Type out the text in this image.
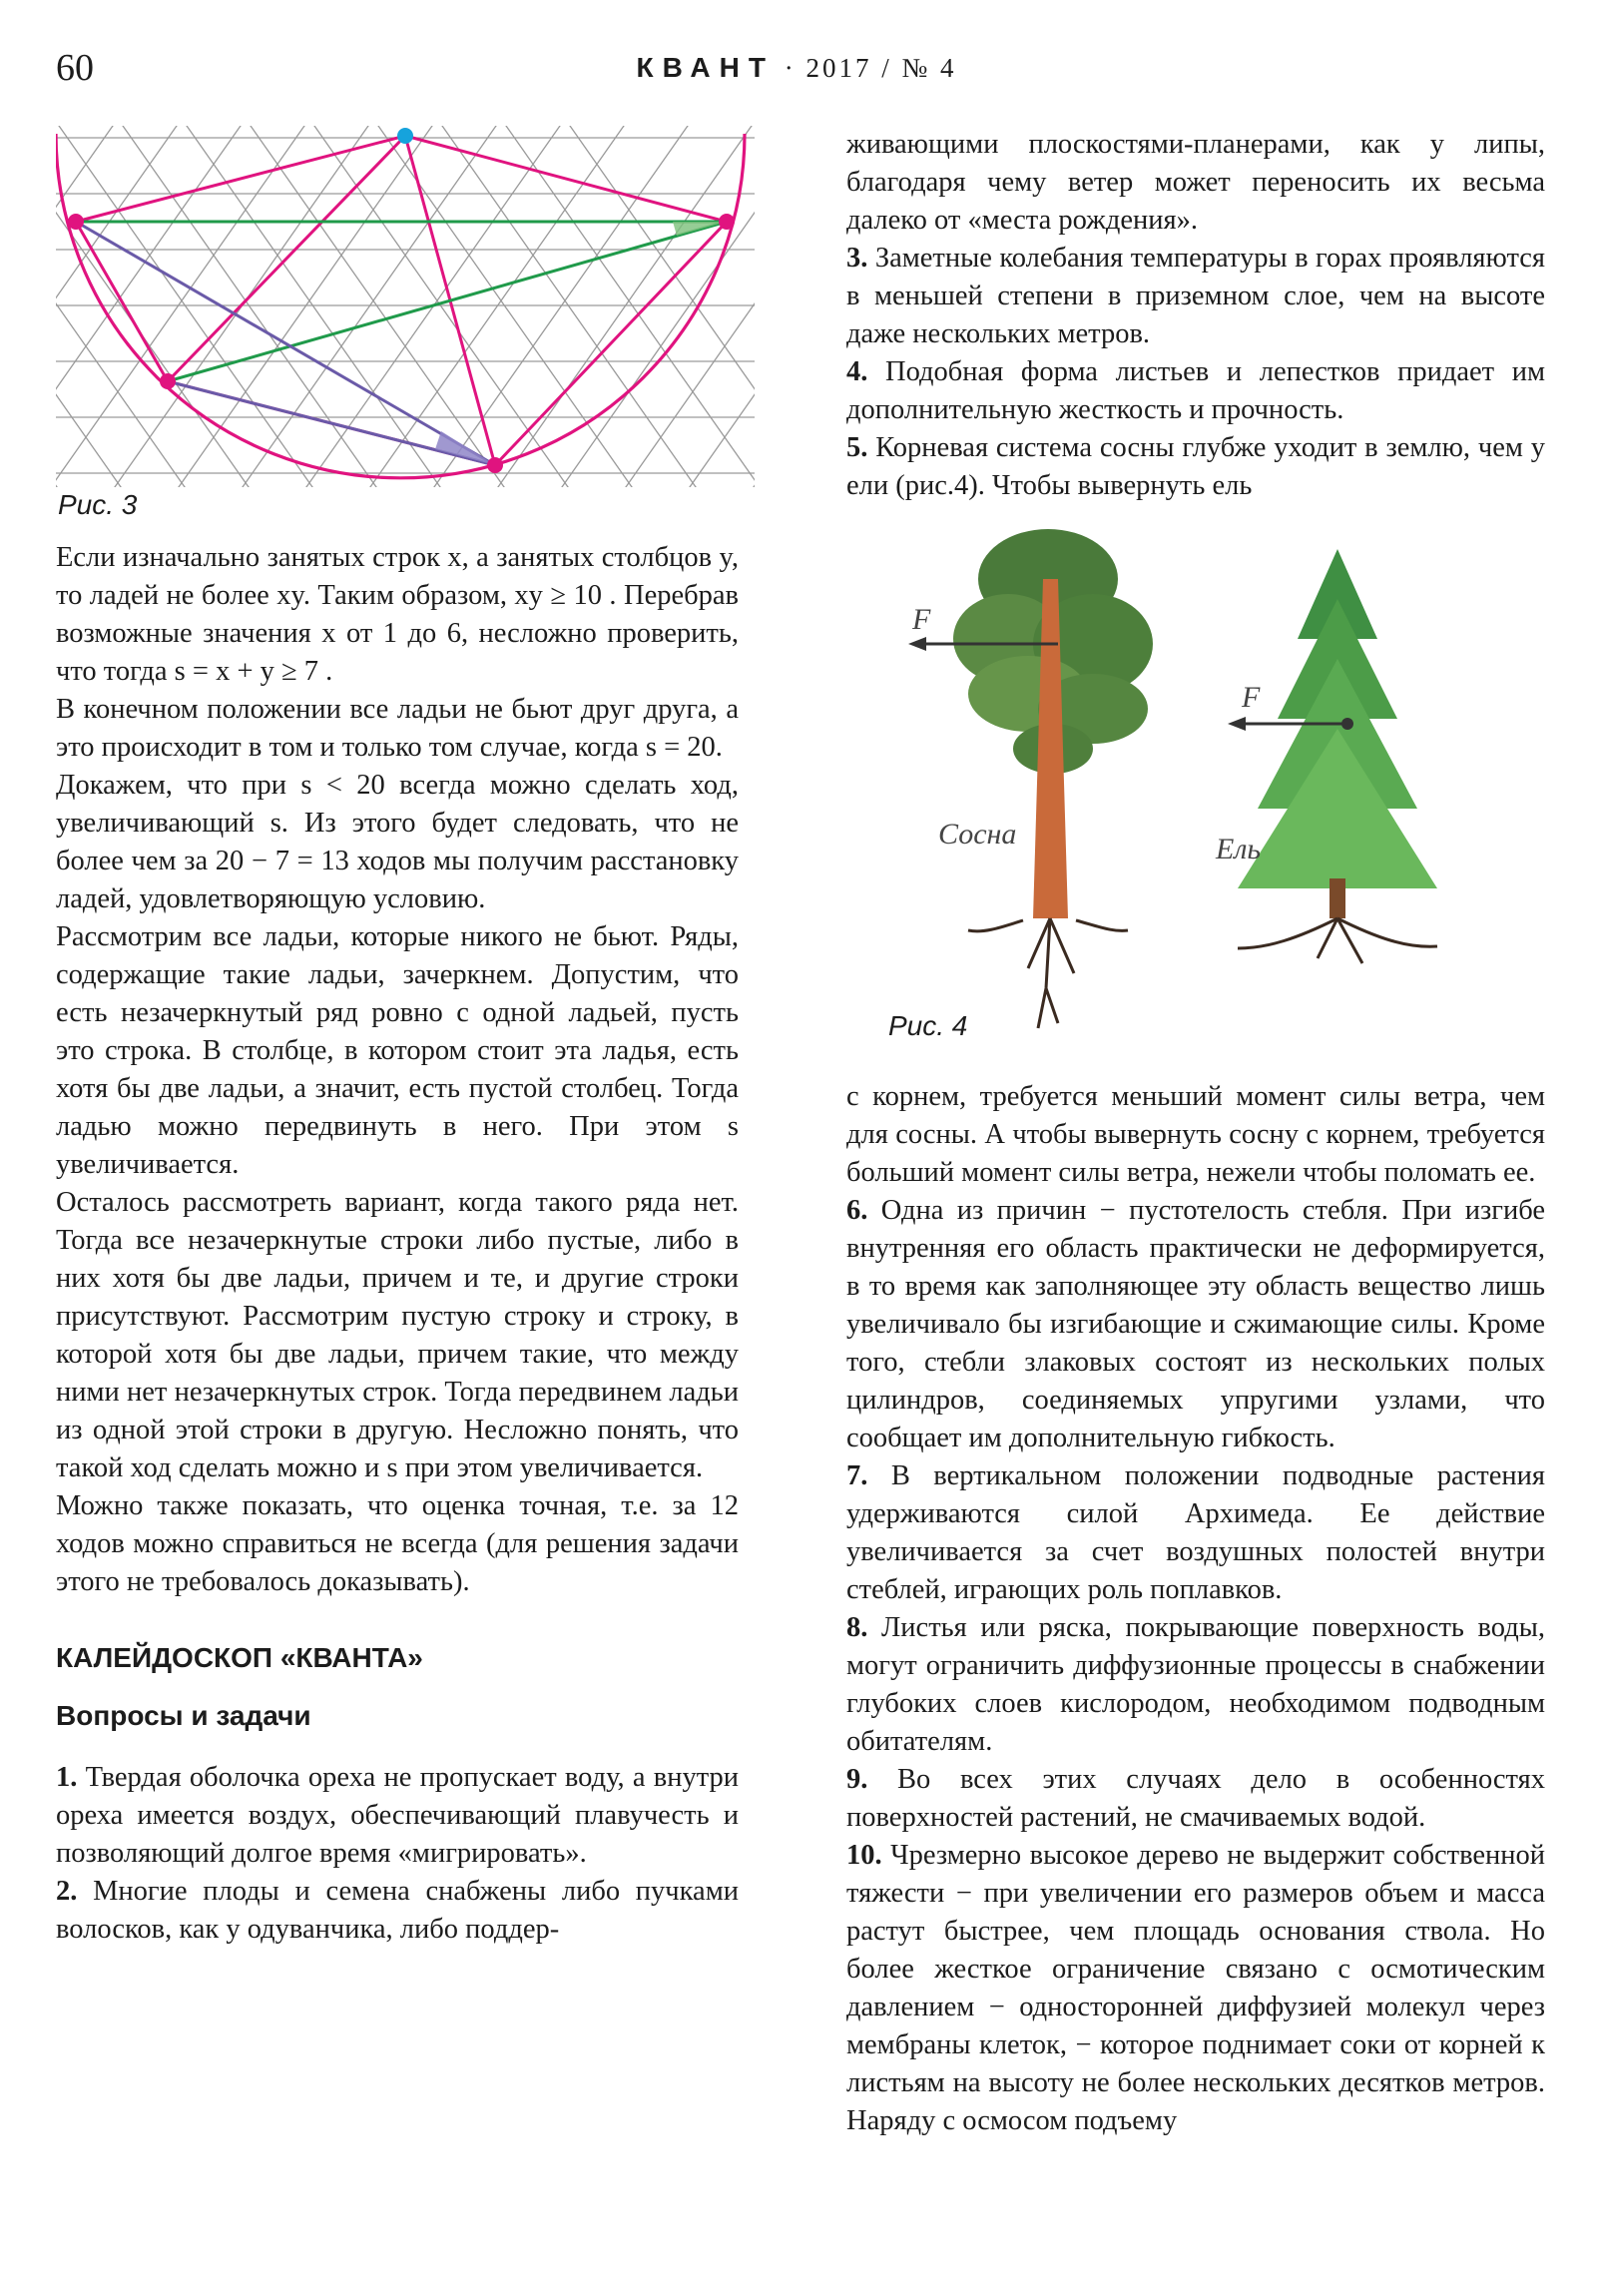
60	КВАНТ · 2017 / № 4
Рис. 3

Если изначально занятых строк x, а занятых столбцов y, то ладей не более xy. Таким образом, xy ≥ 10 . Перебрав возможные значения x от 1 до 6, несложно проверить, что тогда s = x + y ≥ 7 .

В конечном положении все ладьи не бьют друг друга, а это происходит в том и только том случае, когда s = 20.

Докажем, что при s < 20 всегда можно сделать ход, увеличивающий s. Из этого будет следовать, что не более чем за 20 − 7 = 13 ходов мы получим расстановку ладей, удовлетворяющую условию.

Рассмотрим все ладьи, которые никого не бьют. Ряды, содержащие такие ладьи, зачеркнем. Допустим, что есть незачеркнутый ряд ровно с одной ладьей, пусть это строка. В столбце, в котором стоит эта ладья, есть хотя бы две ладьи, а значит, есть пустой столбец. Тогда ладью можно передвинуть в него. При этом s увеличивается.

Осталось рассмотреть вариант, когда такого ряда нет. Тогда все незачеркнутые строки либо пустые, либо в них хотя бы две ладьи, причем и те, и другие строки присутствуют. Рассмотрим пустую строку и строку, в которой хотя бы две ладьи, причем такие, что между ними нет незачеркнутых строк. Тогда передвинем ладьи из одной этой строки в другую. Несложно понять, что такой ход сделать можно и s при этом увеличивается.

Можно также показать, что оценка точная, т.е. за 12 ходов можно справиться не всегда (для решения задачи этого не требовалось доказывать).

КАЛЕЙДОСКОП «КВАНТА»

Вопросы и задачи

1. Твердая оболочка ореха не пропускает воду, а внутри ореха имеется воздух, обеспечивающий плавучесть и позволяющий долгое время «мигрировать».

2. Многие плоды и семена снабжены либо пучками волосков, как у одуванчика, либо поддер-

живающими плоскостями-планерами, как у липы, благодаря чему ветер может переносить их весьма далеко от «места рождения».

3. Заметные колебания температуры в горах проявляются в меньшей степени в приземном слое, чем на высоте даже нескольких метров.

4. Подобная форма листьев и лепестков придает им дополнительную жесткость и прочность.

5. Корневая система сосны глубже уходит в землю, чем у ели (рис.4). Чтобы вывернуть ель

F
Сосна
F
Ель
Рис. 4

с корнем, требуется меньший момент силы ветра, чем для сосны. А чтобы вывернуть сосну с корнем, требуется больший момент силы ветра, нежели чтобы поломать ее.

6. Одна из причин − пустотелость стебля. При изгибе внутренняя его область практически не деформируется, в то время как заполняющее эту область вещество лишь увеличивало бы изгибающие и сжимающие силы. Кроме того, стебли злаковых состоят из нескольких полых цилиндров, соединяемых упругими узлами, что сообщает им дополнительную гибкость.

7. В вертикальном положении подводные растения удерживаются силой Архимеда. Ее действие увеличивается за счет воздушных полостей внутри стеблей, играющих роль поплавков.

8. Листья или ряска, покрывающие поверхность воды, могут ограничить диффузионные процессы в снабжении глубоких слоев кислородом, необходимом подводным обитателям.

9. Во всех этих случаях дело в особенностях поверхностей растений, не смачиваемых водой.

10. Чрезмерно высокое дерево не выдержит собственной тяжести − при увеличении его размеров объем и масса растут быстрее, чем площадь основания ствола. Но более жесткое ограничение связано с осмотическим давлением − односторонней диффузией молекул через мембраны клеток, − которое поднимает соки от корней к листьям на высоту не более нескольких десятков метров. Наряду с осмосом подъему
